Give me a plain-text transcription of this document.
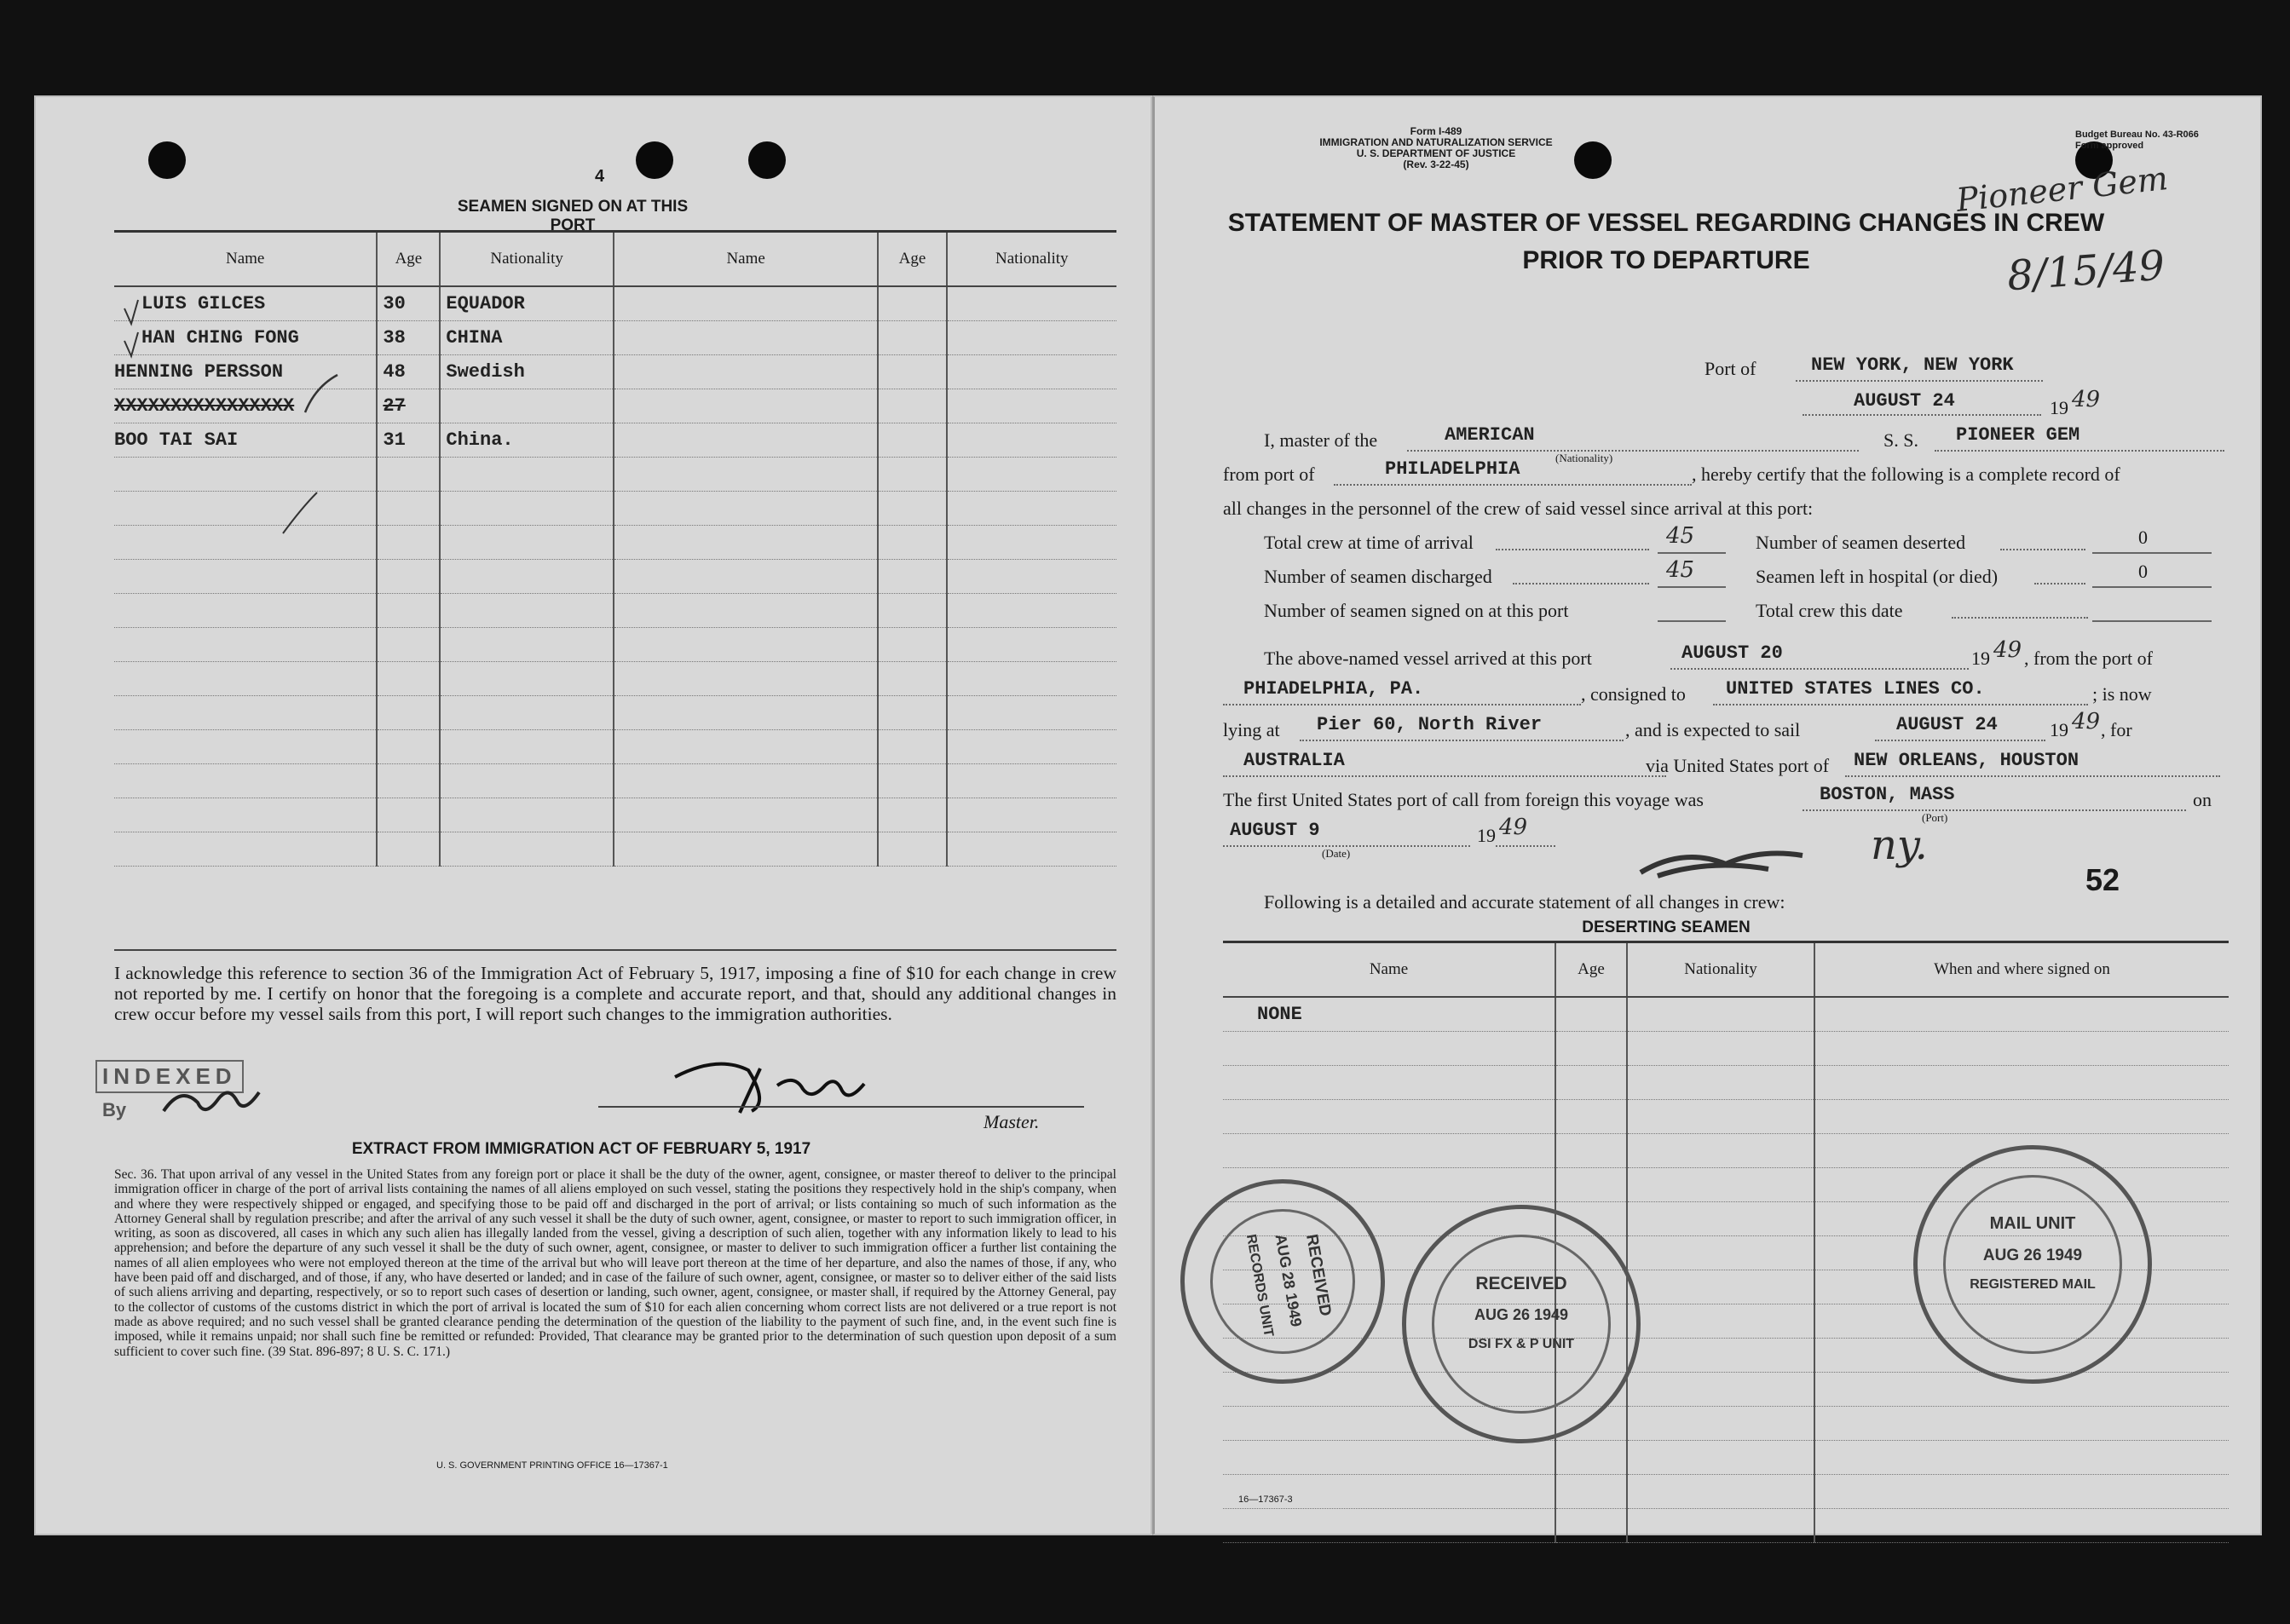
4
SEAMEN SIGNED ON AT THIS PORT
Name	Age	Nationality	Name	Age	Nationality
LUIS GILCES	30	EQUADOR			
HAN CHING FONG	38	CHINA			
HENNING PERSSON	48	Swedish			
XXXXXXXXXXXXXXXX	27				
BOO TAI SAI	31	China.			

I acknowledge this reference to section 36 of the Immigration Act of February 5, 1917, imposing a fine of $10 for each change in crew not reported by me. I certify on honor that the foregoing is a complete and accurate report, and that, should any additional changes in crew occur before my vessel sails from this port, I will report such changes to the immigration authorities.
INDEXED
By
Master.
EXTRACT FROM IMMIGRATION ACT OF FEBRUARY 5, 1917
Sec. 36. That upon arrival of any vessel in the United States from any foreign port or place it shall be the duty of the owner, agent, consignee, or master thereof to deliver to the principal immigration officer in charge of the port of arrival lists containing the names of all aliens employed on such vessel, stating the positions they respectively hold in the ship's company, when and where they were respectively shipped or engaged, and specifying those to be paid off and discharged in the port of arrival; or lists containing so much of such information as the Attorney General shall by regulation prescribe; and after the arrival of any such vessel it shall be the duty of such owner, agent, consignee, or master to report to such immigration officer, in writing, as soon as discovered, all cases in which any such alien has illegally landed from the vessel, giving a description of such alien, together with any information likely to lead to his apprehension; and before the departure of any such vessel it shall be the duty of such owner, agent, consignee, or master to deliver to such immigration officer a further list containing the names of all alien employees who were not employed thereon at the time of the arrival but who will leave port thereon at the time of her departure, and also the names of those, if any, who have been paid off and discharged, and of those, if any, who have deserted or landed; and in case of the failure of such owner, agent, consignee, or master so to deliver either of the said lists of such aliens arriving and departing, respectively, or so to report such cases of desertion or landing, such owner, agent, consignee, or master shall, if required by the Attorney General, pay to the collector of customs of the customs district in which the port of arrival is located the sum of $10 for each alien concerning whom correct lists are not delivered or a true report is not made as above required; and no such vessel shall be granted clearance pending the determination of the question of the liability to the payment of such fine, and, in the event such fine is imposed, while it remains unpaid; nor shall such fine be remitted or refunded: Provided, That clearance may be granted prior to the determination of such question upon deposit of a sum sufficient to cover such fine. (39 Stat. 896-897; 8 U. S. C. 171.)
U. S. GOVERNMENT PRINTING OFFICE 16—17367-1
Form I-489
IMMIGRATION AND NATURALIZATION SERVICE
U. S. DEPARTMENT OF JUSTICE
(Rev. 3-22-45)
Budget Bureau No. 43-R066
Form approved
Pioneer Gem
8/15/49
STATEMENT OF MASTER OF VESSEL REGARDING CHANGES IN CREW
PRIOR TO DEPARTURE
Port of	NEW YORK, NEW YORK
AUGUST 24	19 49
I, master of the	AMERICAN
(Nationality)
S. S. PIONEER GEM
from port of	PHILADELPHIA	, hereby certify that the following is a complete record of
all changes in the personnel of the crew of said vessel since arrival at this port:
Total crew at time of arrival	45	Number of seamen deserted	0
Number of seamen discharged	45	Seamen left in hospital (or died)	0
Number of seamen signed on at this port	Total crew this date
The above-named vessel arrived at this port	AUGUST 20	19 49 , from the port of
PHIADELPHIA, PA.	, consigned to UNITED STATES LINES CO.	; is now
lying at Pier 60, North River	, and is expected to sail	AUGUST 24	19 49 , for
AUSTRALIA	via United States port of NEW ORLEANS, HOUSTON
The first United States port of call from foreign this voyage was	BOSTON, MASS
(Port)
on
AUGUST 9
(Date)
19 49	ny.
52
Following is a detailed and accurate statement of all changes in crew:
DESERTING SEAMEN
Name	Age	Nationality	When and where signed on
NONE			

RECEIVED
AUG 28 1949
RECORDS UNIT	RECEIVED
AUG 26 1949
DSI FX & P UNIT
MAIL UNIT
AUG 26 1949
REGISTERED MAIL
16—17367-3
